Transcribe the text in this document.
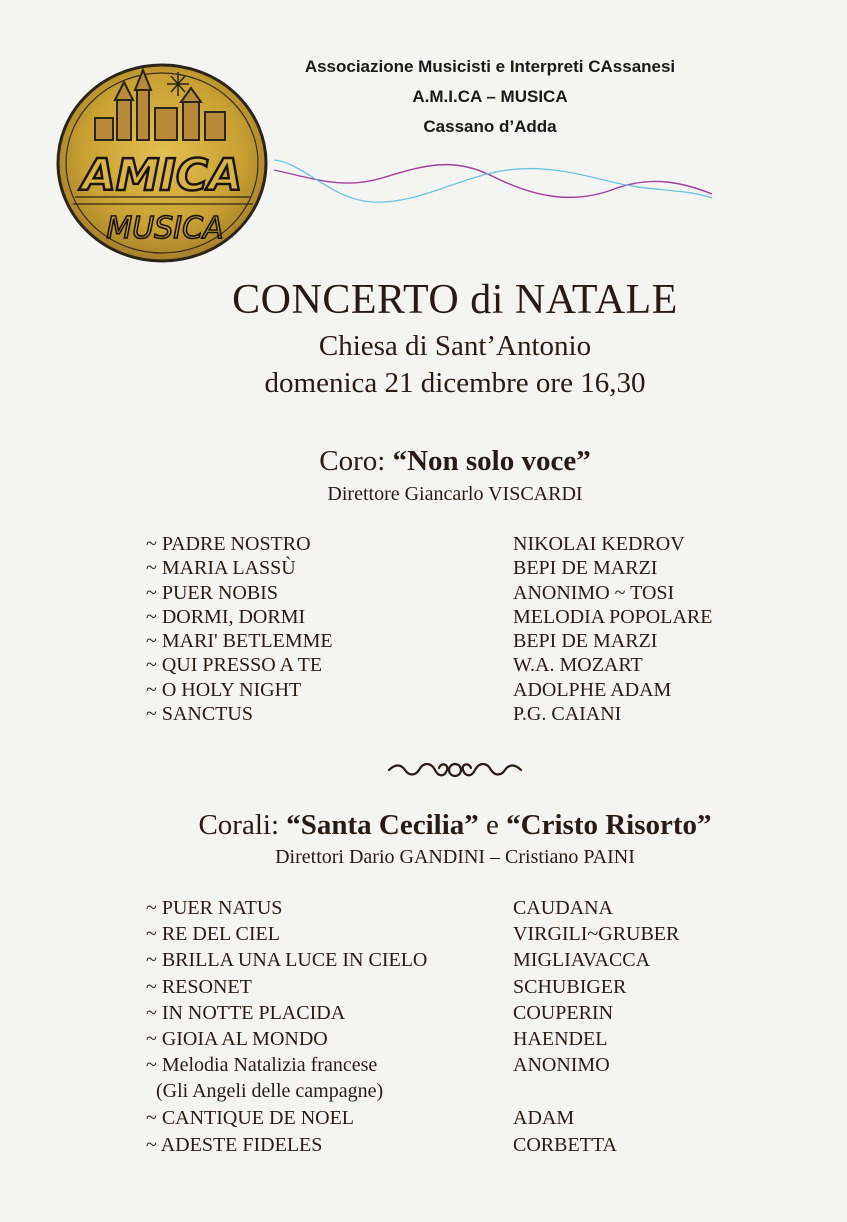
AMICA
MUSICA
Associazione Musicisti e Interpreti CAssanesi
A.M.I.CA – MUSICA
Cassano d’Adda
CONCERTO di NATALE
Chiesa di Sant’Antonio
domenica 21 dicembre ore 16,30
Coro: “Non solo voce”
Direttore Giancarlo VISCARDI
~ PADRE NOSTRO	NIKOLAI KEDROV
~ MARIA LASSÙ	BEPI DE MARZI
~ PUER NOBIS	ANONIMO ~ TOSI
~ DORMI, DORMI	MELODIA POPOLARE
~ MARI' BETLEMME	BEPI DE MARZI
~ QUI PRESSO A TE	W.A. MOZART
~ O HOLY NIGHT	ADOLPHE ADAM
~ SANCTUS	P.G. CAIANI
Corali: “Santa Cecilia” e “Cristo Risorto”
Direttori Dario GANDINI – Cristiano PAINI
~ PUER NATUS	CAUDANA
~ RE DEL CIEL	VIRGILI~GRUBER
~ BRILLA UNA LUCE IN CIELO	MIGLIAVACCA
~ RESONET	SCHUBIGER
~ IN NOTTE PLACIDA	COUPERIN
~ GIOIA AL MONDO	HAENDEL
~ Melodia Natalizia francese	ANONIMO
(Gli Angeli delle campagne)
~ CANTIQUE DE NOEL	ADAM
~ ADESTE FIDELES	CORBETTA
